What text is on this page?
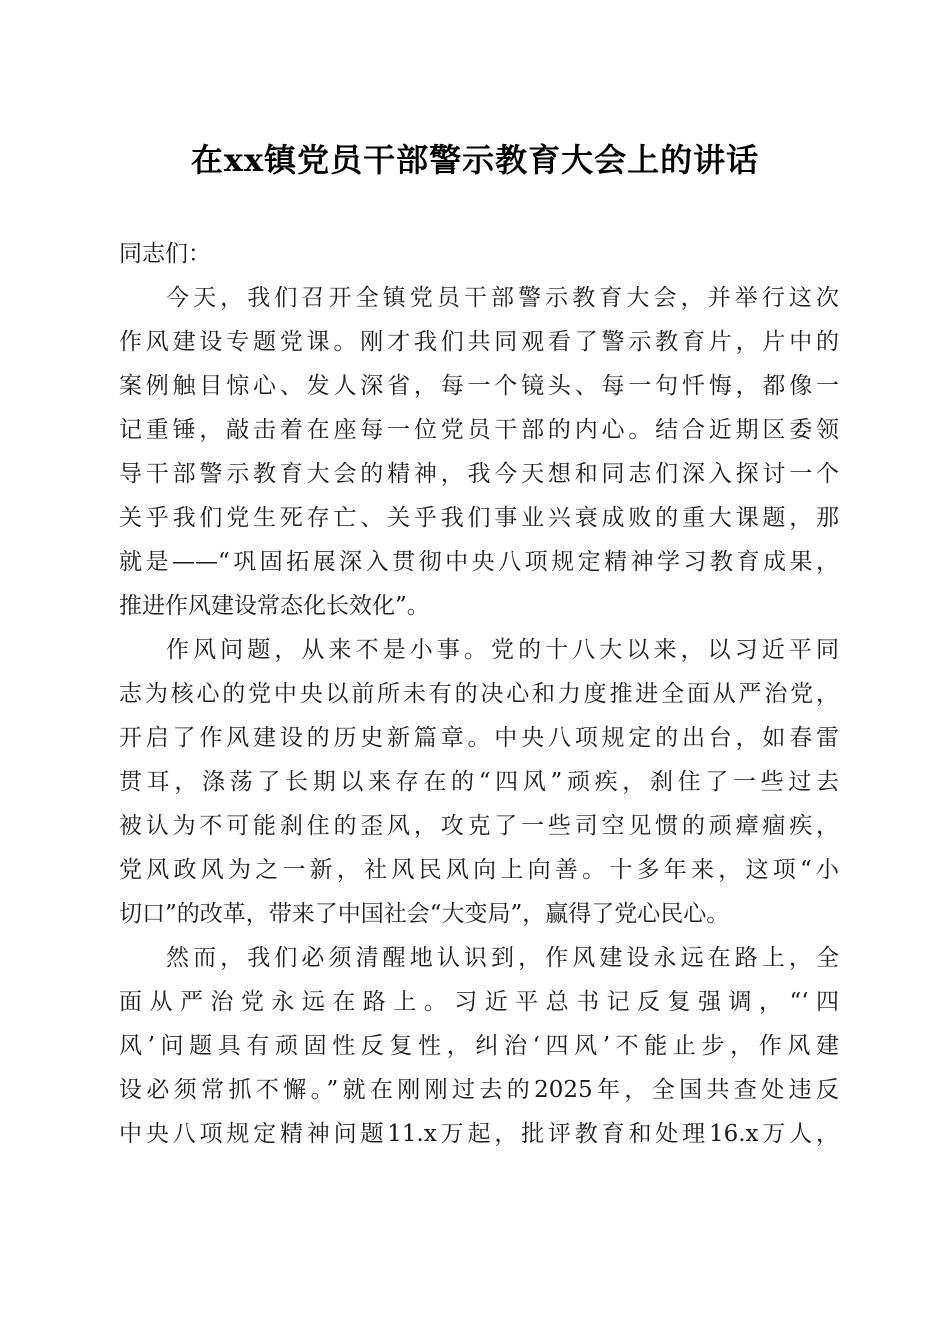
在xx镇党员干部警示教育大会上的讲话
同志们：
今天，我们召开全镇党员干部警示教育大会，并举行这次
作风建设专题党课。刚才我们共同观看了警示教育片，片中的
案例触目惊心、发人深省，每一个镜头、每一句忏悔，都像一
记重锤，敲击着在座每一位党员干部的内心。结合近期区委领
导干部警示教育大会的精神，我今天想和同志们深入探讨一个
关乎我们党生死存亡、关乎我们事业兴衰成败的重大课题，那
就是——“巩固拓展深入贯彻中央八项规定精神学习教育成果，
推进作风建设常态化长效化”。
作风问题，从来不是小事。党的十八大以来，以习近平同
志为核心的党中央以前所未有的决心和力度推进全面从严治党，
开启了作风建设的历史新篇章。中央八项规定的出台，如春雷
贯耳，涤荡了长期以来存在的“四风”顽疾，刹住了一些过去
被认为不可能刹住的歪风，攻克了一些司空见惯的顽瘴痼疾，
党风政风为之一新，社风民风向上向善。十多年来，这项“小
切口”的改革，带来了中国社会“大变局”，赢得了党心民心。
然而，我们必须清醒地认识到，作风建设永远在路上，全
面从严治党永远在路上。习近平总书记反复强调，“‘四
风’问题具有顽固性反复性，纠治‘四风’不能止步，作风建
设必须常抓不懈。”就在刚刚过去的2025年，全国共查处违反
中央八项规定精神问题11.x万起，批评教育和处理16.x万人，
